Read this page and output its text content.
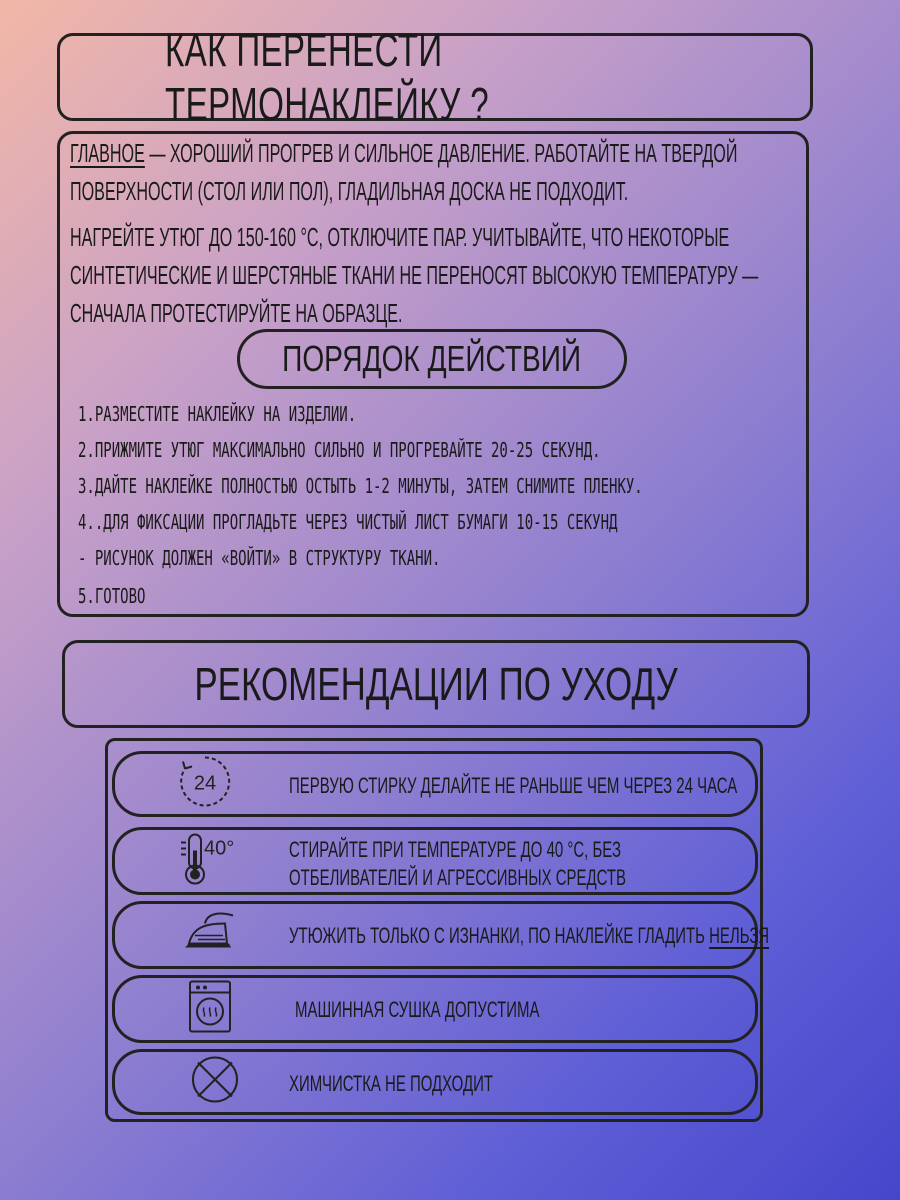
КАК ПЕРЕНЕСТИ ТЕРМОНАКЛЕЙКУ ?
ГЛАВНОЕ — ХОРОШИЙ ПРОГРЕВ И СИЛЬНОЕ ДАВЛЕНИЕ. РАБОТАЙТЕ НА ТВЕРДОЙ
ПОВЕРХНОСТИ (СТОЛ ИЛИ ПОЛ), ГЛАДИЛЬНАЯ ДОСКА НЕ ПОДХОДИТ.
НАГРЕЙТЕ УТЮГ ДО 150-160 °С, ОТКЛЮЧИТЕ ПАР. УЧИТЫВАЙТЕ, ЧТО НЕКОТОРЫЕ
СИНТЕТИЧЕСКИЕ И ШЕРСТЯНЫЕ ТКАНИ НЕ ПЕРЕНОСЯТ ВЫСОКУЮ ТЕМПЕРАТУРУ —
СНАЧАЛА ПРОТЕСТИРУЙТЕ НА ОБРАЗЦЕ.
ПОРЯДОК ДЕЙСТВИЙ
1.РАЗМЕСТИТЕ НАКЛЕЙКУ НА ИЗДЕЛИИ.
2.ПРИЖМИТЕ УТЮГ МАКСИМАЛЬНО СИЛЬНО И ПРОГРЕВАЙТЕ 20-25 СЕКУНД.
3.ДАЙТЕ НАКЛЕЙКЕ ПОЛНОСТЬЮ ОСТЫТЬ 1-2 МИНУТЫ, ЗАТЕМ СНИМИТЕ ПЛЕНКУ.
4..ДЛЯ ФИКСАЦИИ ПРОГЛАДЬТЕ ЧЕРЕЗ ЧИСТЫЙ ЛИСТ БУМАГИ 10-15 СЕКУНД
- РИСУНОК ДОЛЖЕН «ВОЙТИ» В СТРУКТУРУ ТКАНИ.
5.ГОТОВО
РЕКОМЕНДАЦИИ ПО УХОДУ
24	ПЕРВУЮ СТИРКУ ДЕЛАЙТЕ НЕ РАНЬШЕ ЧЕМ ЧЕРЕЗ 24 ЧАСА
40° СТИРАЙТЕ ПРИ ТЕМПЕРАТУРЕ ДО 40 °С, БЕЗ
ОТБЕЛИВАТЕЛЕЙ И АГРЕССИВНЫХ СРЕДСТВ
УТЮЖИТЬ ТОЛЬКО С ИЗНАНКИ, ПО НАКЛЕЙКЕ ГЛАДИТЬ НЕЛЬЗЯ
МАШИННАЯ СУШКА ДОПУСТИМА
ХИМЧИСТКА НЕ ПОДХОДИТ
